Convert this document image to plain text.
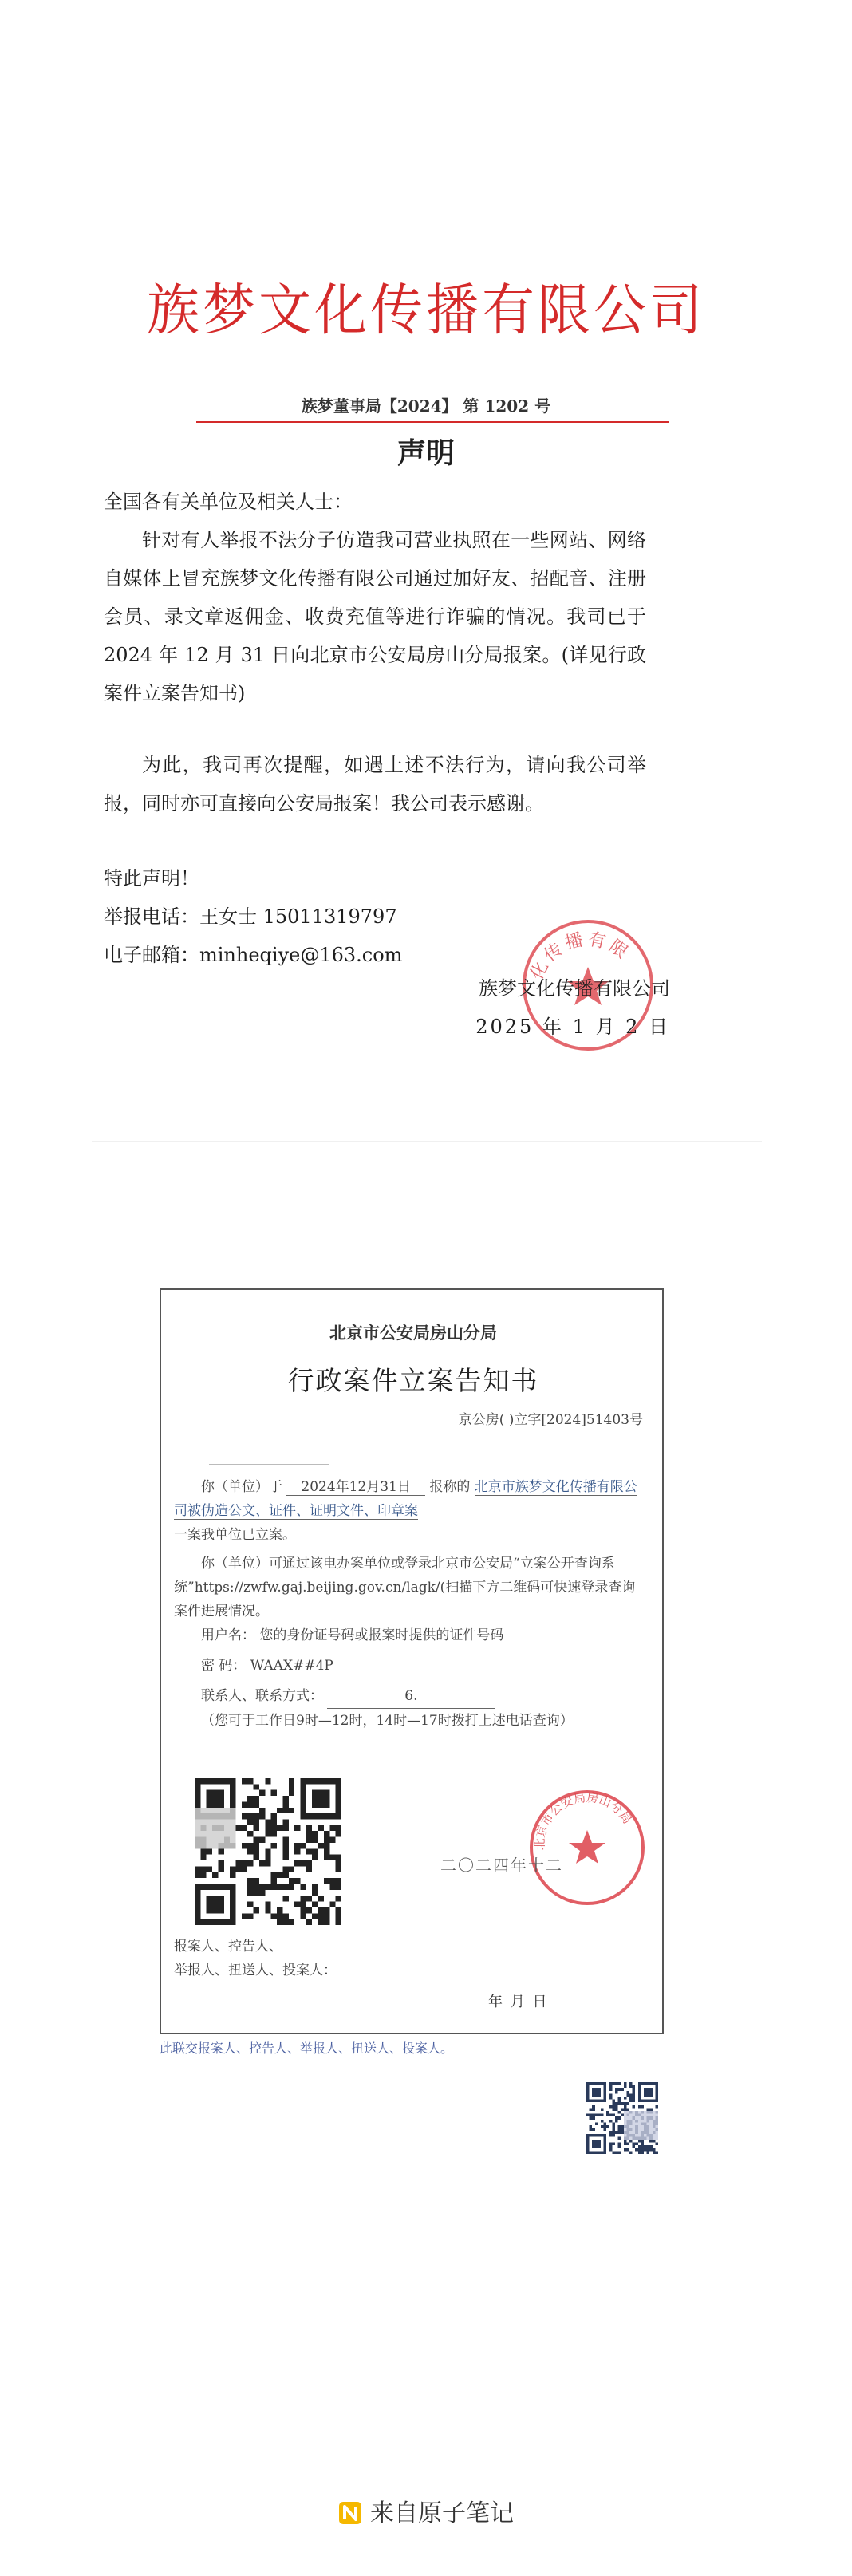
族梦文化传播有限公司
族梦董事局【2024】 第 1202 号
声明
全国各有关单位及相关人士：
针对有人举报不法分子仿造我司营业执照在一些网站、网络自媒体上冒充族梦文化传播有限公司通过加好友、招配音、注册会员、录文章返佣金、收费充值等进行诈骗的情况。我司已于 2024 年 12 月 31 日向北京市公安局房山分局报案。(详见行政案件立案告知书)
为此，我司再次提醒，如遇上述不法行为，请向我公司举报，同时亦可直接向公安局报案！我公司表示感谢。
特此声明！
举报电话：王女士 15011319797
电子邮箱：minheqiye@163.com
化传播有限
族梦文化传播有限公司
2025 年 1 月 2 日
北京市公安局房山分局
行政案件立案告知书
京公房( )立字[2024]51403号
你（单位）于 2024年12月31日 报称的 北京市族梦文化传播有限公司被伪造公文、证件、证明文件、印章案
一案我单位已立案。
你（单位）可通过该电办案单位或登录北京市公安局“立案公开查询系统”https://zwfw.gaj.beijing.gov.cn/lagk/(扫描下方二维码可快速登录查询案件进展情况。
用户名： 您的身份证号码或报案时提供的证件号码
密 码： WAAX##4P
联系人、联系方式：	6.
（您可于工作日9时—12时，14时—17时拨打上述电话查询）
北京市公安局房山分局
二〇二四年十二
报案人、控告人、
举报人、扭送人、投案人：
年 月 日
此联交报案人、控告人、举报人、扭送人、投案人。
来自原子笔记
